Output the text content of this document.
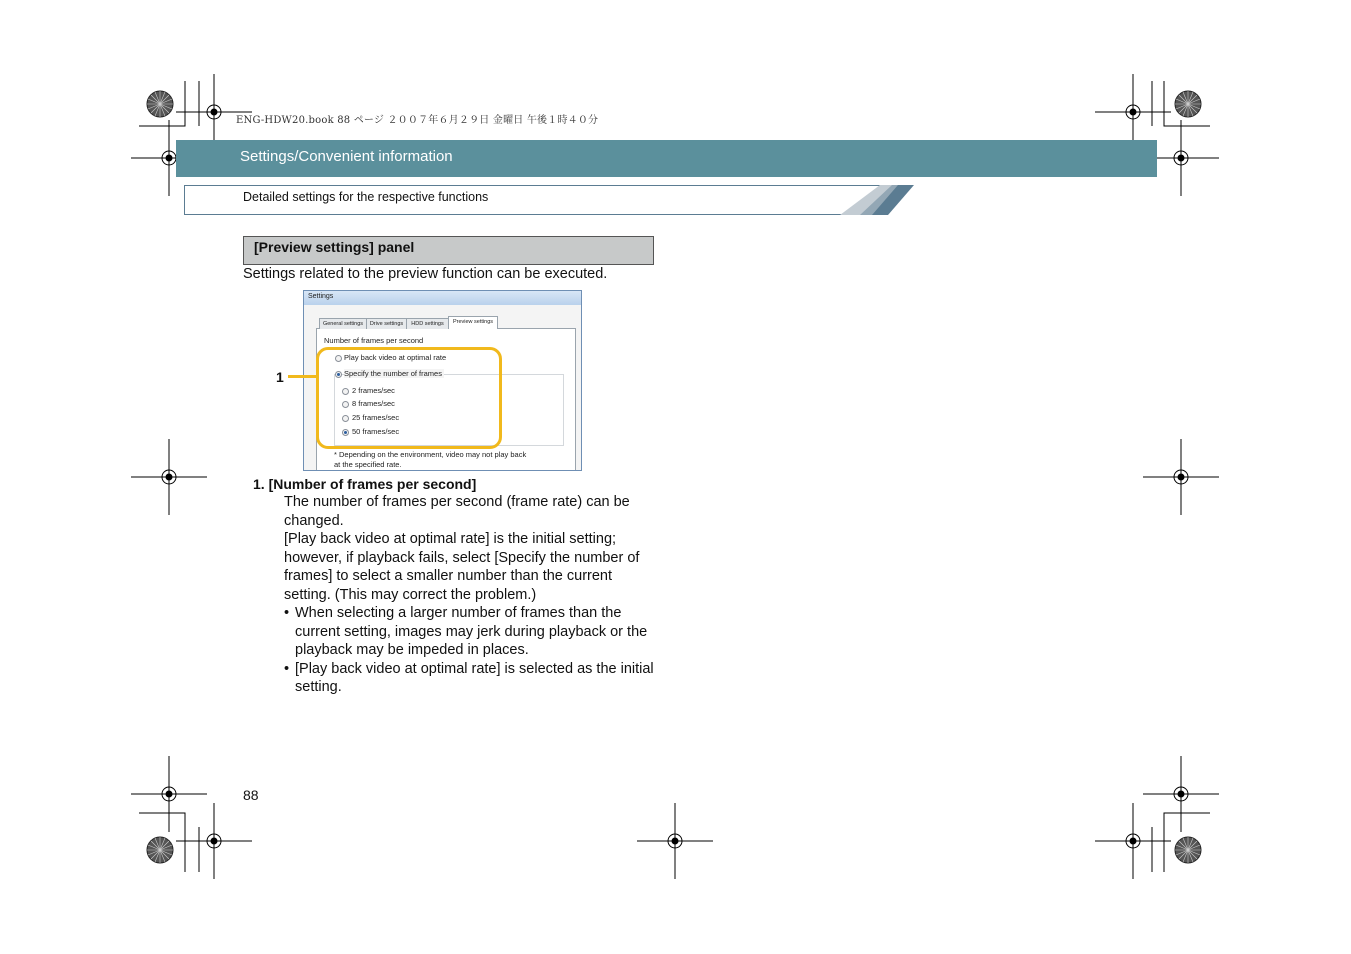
ENG-HDW20.book 88 ページ ２００７年６月２９日 金曜日 午後１時４０分
Settings/Convenient information
Detailed settings for the respective functions
[Preview settings] panel
Settings related to the preview function can be executed.
Settings
General settings	Drive settings	HDD settings	Preview settings
Number of frames per second
Play back video at optimal rate
Specify the number of frames
2 frames/sec
8 frames/sec
25 frames/sec
50 frames/sec
* Depending on the environment, video may not play back
at the specified rate.
1
1. [Number of frames per second]

The number of frames per second (frame rate) can be changed.

[Play back video at optimal rate] is the initial setting; however, if playback fails, select [Specify the number of frames] to select a smaller number than the current setting. (This may correct the problem.)

• When selecting a larger number of frames than the current setting, images may jerk during playback or the playback may be impeded in places.

• [Play back video at optimal rate] is selected as the initial setting.

88
